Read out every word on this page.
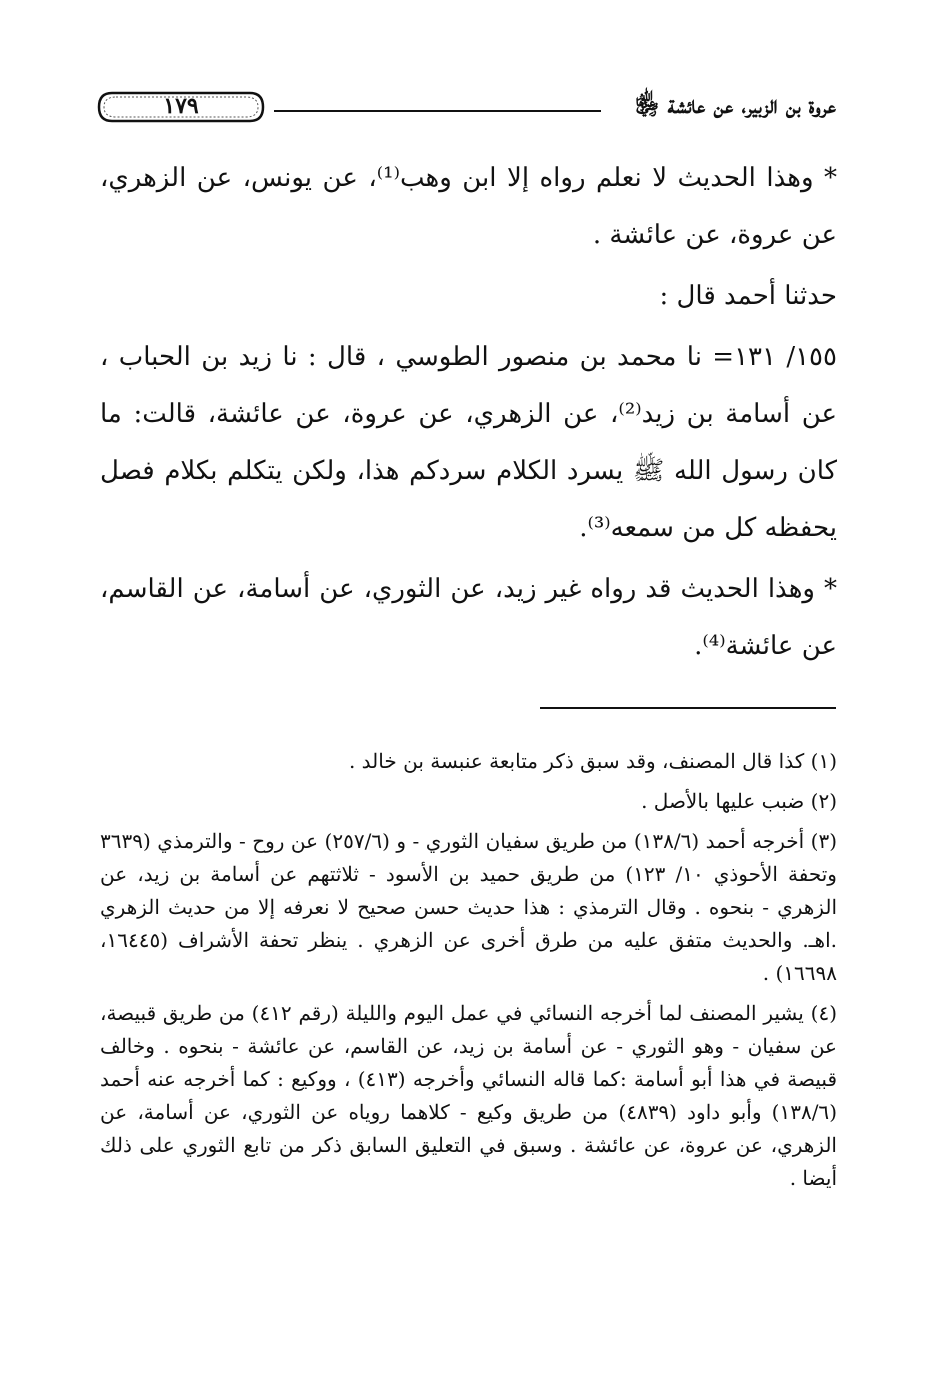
عروة بن الزبير، عن عائشة ﵂
١٧٩

* وهذا الحديث لا نعلم رواه إلا ابن وهب⁽¹⁾، عن يونس، عن الزهري، عن عروة، عن عائشة .

حدثنا أحمد قال :

١٥٥/ ١٣١= نا محمد بن منصور الطوسي ، قال : نا زيد بن الحباب ، عن أسامة بن زيد⁽²⁾، عن الزهري، عن عروة، عن عائشة، قالت: ما كان رسول الله ﷺ يسرد الكلام سردكم هذا، ولكن يتكلم بكلام فصل يحفظه كل من سمعه⁽³⁾.

* وهذا الحديث قد رواه غير زيد، عن الثوري، عن أسامة، عن القاسم، عن عائشة⁽⁴⁾.

(١) كذا قال المصنف، وقد سبق ذكر متابعة عنبسة بن خالد .

(٢) ضبب عليها بالأصل .

(٣) أخرجه أحمد (١٣٨/٦) من طريق سفيان الثوري - و (٢٥٧/٦) عن روح - والترمذي (٣٦٣٩ وتحفة الأحوذي ١٠/ ١٢٣) من طريق حميد بن الأسود - ثلاثتهم عن أسامة بن زيد، عن الزهري - بنحوه . وقال الترمذي : هذا حديث حسن صحيح لا نعرفه إلا من حديث الزهري .اهـ. والحديث متفق عليه من طرق أخرى عن الزهري . ينظر تحفة الأشراف (١٦٤٤٥، ١٦٦٩٨) .

(٤) يشير المصنف لما أخرجه النسائي في عمل اليوم والليلة (رقم ٤١٢) من طريق قبيصة، عن سفيان - وهو الثوري - عن أسامة بن زيد، عن القاسم، عن عائشة - بنحوه . وخالف قبيصة في هذا أبو أسامة :كما قاله النسائي وأخرجه (٤١٣) ، ووكيع : كما أخرجه عنه أحمد (١٣٨/٦) وأبو داود (٤٨٣٩) من طريق وكيع - كلاهما روياه عن الثوري، عن أسامة، عن الزهري، عن عروة، عن عائشة . وسبق في التعليق السابق ذكر من تابع الثوري على ذلك أيضا .
